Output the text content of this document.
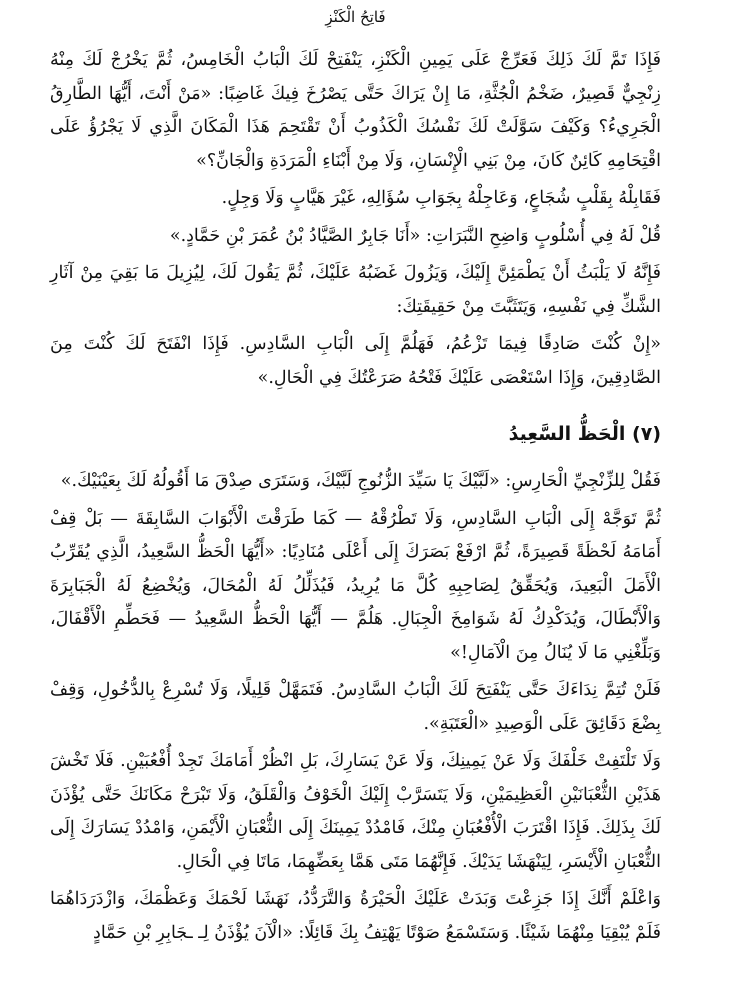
فَاتِحُ الْكَنْزِ

فَإِذَا تَمَّ لَكَ ذَلِكَ فَعَرِّجْ عَلَى يَمِينِ الْكَنْزِ، يَنْفَتِحْ لَكَ الْبَابُ الْخَامِسُ، ثُمَّ يَخْرُجْ لَكَ مِنْهُ زِنْجِيٌّ قَصِيرٌ، ضَخْمُ الْجُثَّةِ، مَا إِنْ يَرَاكَ حَتَّى يَصْرُخَ فِيكَ غَاضِبًا: «مَنْ أَنْتَ، أَيُّهَا الطَّارِقُ الْجَرِيءُ؟ وَكَيْفَ سَوَّلَتْ لَكَ نَفْسُكَ الْكَذُوبُ أَنْ تَقْتَحِمَ هَذَا الْمَكَانَ الَّذِي لَا يَجْرُؤُ عَلَى اقْتِحَامِهِ كَائِنٌ كَانَ، مِنْ بَنِي الْإِنْسَانِ، وَلَا مِنْ أَبْنَاءِ الْمَرَدَةِ وَالْجَانِّ؟»

فَقَابِلْهُ بِقَلْبٍ شُجَاعٍ، وَعَاجِلْهُ بِجَوَابِ سُؤَالِهِ، غَيْرَ هَيَّابٍ وَلَا وَجِلٍ.

قُلْ لَهُ فِي أُسْلُوبٍ وَاضِحِ النَّبَرَاتِ: «أَنَا جَابِرٌ الصَّيَّادُ بْنُ عُمَرَ بْنِ حَمَّادٍ.»

فَإِنَّهُ لَا يَلْبَثُ أَنْ يَطْمَئِنَّ إِلَيْكَ، وَيَزُولَ غَضَبُهُ عَلَيْكَ، ثُمَّ يَقُولَ لَكَ، لِيُزِيلَ مَا بَقِيَ مِنْ آثَارِ الشَّكِّ فِي نَفْسِهِ، وَيَتَثَبَّتَ مِنْ حَقِيقَتِكَ:

«إِنْ كُنْتَ صَادِقًا فِيمَا تَزْعُمُ، فَهَلُمَّ إِلَى الْبَابِ السَّادِسِ. فَإِذَا انْفَتَحَ لَكَ كُنْتَ مِنَ الصَّادِقِينَ، وَإِذَا اسْتَعْصَى عَلَيْكَ فَتْحُهُ صَرَعْتُكَ فِي الْحَالِ.»

(٧) الْحَظُّ السَّعِيدُ

فَقُلْ لِلزِّنْجِيِّ الْحَارِسِ: «لَبَّيْكَ يَا سَيِّدَ الزُّنُوجِ لَبَّيْكَ، وَسَتَرَى صِدْقَ مَا أَقُولُهُ لَكَ بِعَيْنَيْكَ.»

ثُمَّ تَوَجَّهْ إِلَى الْبَابِ السَّادِسِ، وَلَا تَطْرُقْهُ — كَمَا طَرَقْتَ الْأَبْوَابَ السَّابِقَةَ — بَلْ قِفْ أَمَامَهُ لَحْظَةً قَصِيرَةً، ثُمَّ ارْفَعْ بَصَرَكَ إِلَى أَعْلَى مُنَادِيًا: «أَيُّهَا الْحَظُّ السَّعِيدُ، الَّذِي يُقَرِّبُ الْأَمَلَ الْبَعِيدَ، وَيُحَقِّقُ لِصَاحِبِهِ كُلَّ مَا يُرِيدُ، فَيُذَلِّلُ لَهُ الْمُحَالَ، وَيُخْضِعُ لَهُ الْجَبَابِرَةَ وَالْأَبْطَالَ، وَيُدَكْدِكُ لَهُ شَوَامِخَ الْجِبَالِ. هَلُمَّ — أَيُّهَا الْحَظُّ السَّعِيدُ — فَحَطِّمِ الْأَقْفَالَ، وَبَلِّغْنِي مَا لَا يُنَالُ مِنَ الْآمَالِ!»

فَلَنْ تُتِمَّ نِدَاءَكَ حَتَّى يَنْفَتِحَ لَكَ الْبَابُ السَّادِسُ. فَتَمَهَّلْ قَلِيلًا، وَلَا تُسْرِعْ بِالدُّخُولِ، وَقِفْ بِضْعَ دَقَائِقَ عَلَى الْوَصِيدِ «الْعَتَبَةِ».

وَلَا تَلْتَفِتْ خَلْفَكَ وَلَا عَنْ يَمِينِكَ، وَلَا عَنْ يَسَارِكَ، بَلِ انْظُرْ أَمَامَكَ تَجِدْ أُفْعُبَيْنِ. فَلَا تَخْشَ هَذَيْنِ الثُّعْبَانَيْنِ الْعَظِيمَيْنِ، وَلَا يَتَسَرَّبْ إِلَيْكَ الْخَوْفُ وَالْقَلَقُ، وَلَا تَبْرَحْ مَكَانَكَ حَتَّى يُؤْذَنَ لَكَ بِذَلِكَ. فَإِذَا اقْتَرَبَ الْأُفْعُبَانِ مِنْكَ، فَامْدُدْ يَمِينَكَ إِلَى الثُّعْبَانِ الْأَيْمَنِ، وَامْدُدْ يَسَارَكَ إِلَى الثُّعْبَانِ الْأَيْسَرِ، لِيَنْهَشَا يَدَيْكَ. فَإِنَّهُمَا مَتَى هَمَّا بِعَضِّهِمَا، مَاتَا فِي الْحَالِ.

وَاعْلَمْ أَنَّكَ إِذَا جَزِعْتَ وَبَدَتْ عَلَيْكَ الْحَيْرَةُ وَالتَّرَدُّدُ، نَهَشَا لَحْمَكَ وَعَظْمَكَ، وَازْدَرَدَاهُمَا فَلَمْ يُبْقِيَا مِنْهُمَا شَيْئًا. وَسَتَسْمَعُ صَوْتًا يَهْتِفُ بِكَ قَائِلًا: «الْآنَ يُؤْذَنُ لِـ ـجَابِرِ بْنِ حَمَّادٍ
